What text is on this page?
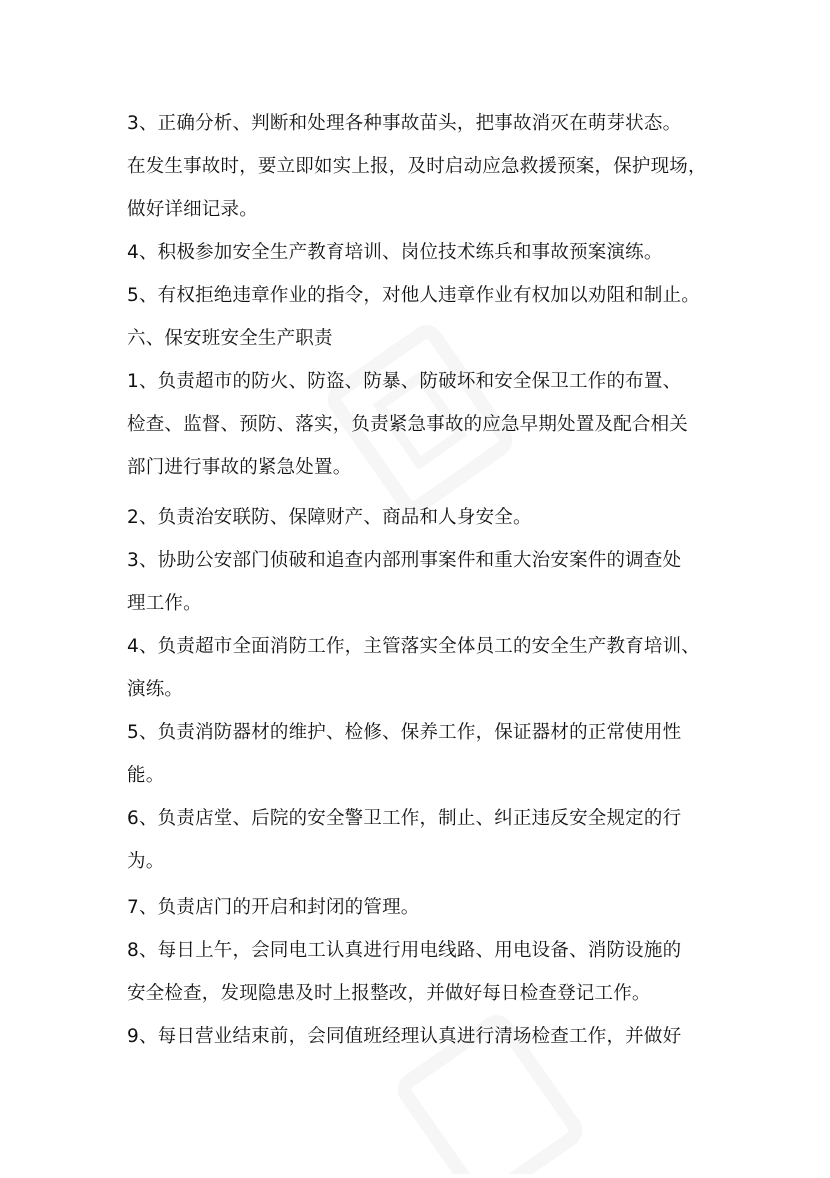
3、正确分析、判断和处理各种事故苗头，把事故消灭在萌芽状态。
在发生事故时，要立即如实上报，及时启动应急救援预案，保护现场，
做好详细记录。
4、积极参加安全生产教育培训、岗位技术练兵和事故预案演练。
5、有权拒绝违章作业的指令，对他人违章作业有权加以劝阻和制止。
六、保安班安全生产职责
1、负责超市的防火、防盗、防暴、防破坏和安全保卫工作的布置、
检查、监督、预防、落实，负责紧急事故的应急早期处置及配合相关
部门进行事故的紧急处置。
2、负责治安联防、保障财产、商品和人身安全。
3、协助公安部门侦破和追查内部刑事案件和重大治安案件的调查处
理工作。
4、负责超市全面消防工作，主管落实全体员工的安全生产教育培训、
演练。
5、负责消防器材的维护、检修、保养工作，保证器材的正常使用性
能。
6、负责店堂、后院的安全警卫工作，制止、纠正违反安全规定的行
为。
7、负责店门的开启和封闭的管理。
8、每日上午，会同电工认真进行用电线路、用电设备、消防设施的
安全检查，发现隐患及时上报整改，并做好每日检查登记工作。
9、每日营业结束前，会同值班经理认真进行清场检查工作，并做好
